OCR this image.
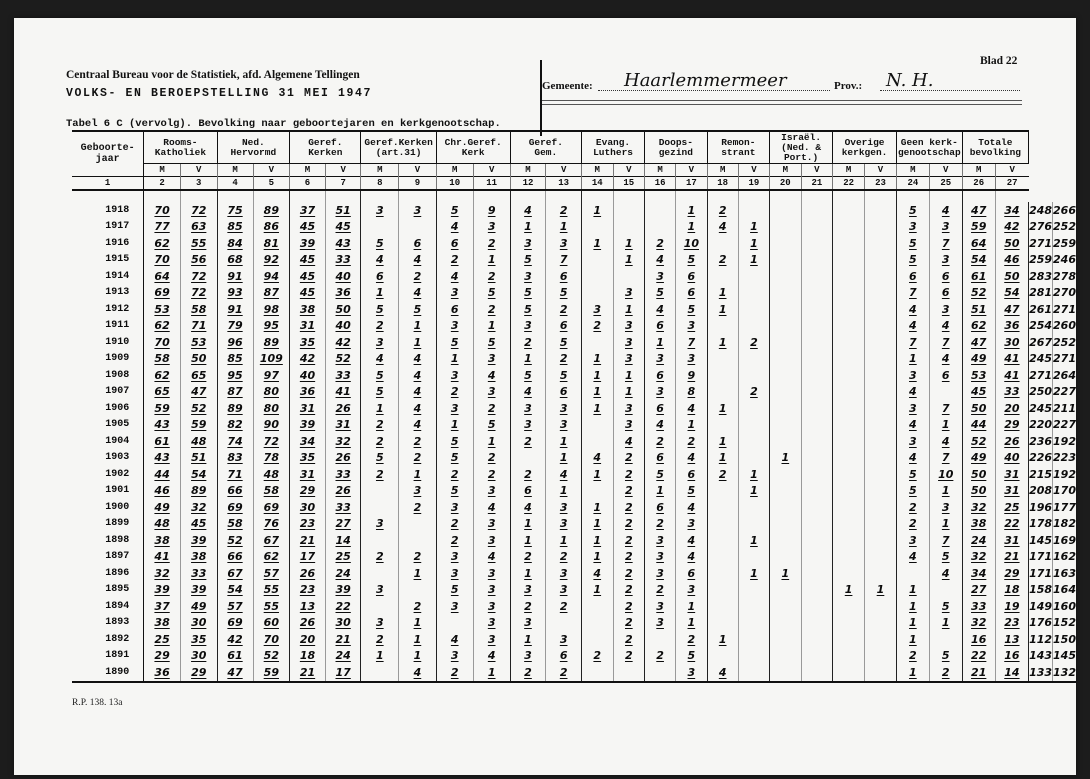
Centraal Bureau voor de Statistiek, afd. Algemene Tellingen
VOLKS- EN BEROEPSTELLING 31 MEI 1947
Blad 22
Gemeente: Haarlemmermeer	Prov.: N. H.
Tabel 6 C (vervolg). Bevolking naar geboortejaren en kerkgenootschap.
Geboorte-
jaar	Rooms-
Katholiek		Ned.
Hervormd		Geref.
Kerken		Geref.Kerken
(art.31)		Chr.Geref.
Kerk		Geref.
Gem.		Evang.
Luthers		Doops-
gezind		Remon-
strant		Israël.
(Ned. &
Port.)		Overige
kerkgen.		Geen kerk-
genootschap		Totale
bevolking			
	M	V	M	V	M	V	M	V	M	V	M	V	M	V	M	V	M	V	M	V	M	V	M	V	M	V		
1	2	3	4	5	6	7	8	9	10	11	12	13	14	15	16	17	18	19	20	21	22	23	24	25	26	27		

1918	70	72	75	89	37	51	3	3	5	9	4	2	1			1	2						5	4	47	34	248	266
1917	77	63	85	86	45	45			4	3	1	1				1	4	1					3	3	59	42	276	252
1916	62	55	84	81	39	43	5	6	6	2	3	3	1	1	2	10		1					5	7	64	50	271	259
1915	70	56	68	92	45	33	4	4	2	1	5	7		1	4	5	2	1					5	3	54	46	259	246
1914	64	72	91	94	45	40	6	2	4	2	3	6			3	6							6	6	61	50	283	278
1913	69	72	93	87	45	36	1	4	3	5	5	5		3	5	6	1						7	6	52	54	281	270
1912	53	58	91	98	38	50	5	5	6	2	5	2	3	1	4	5	1						4	3	51	47	261	271
1911	62	71	79	95	31	40	2	1	3	1	3	6	2	3	6	3							4	4	62	36	254	260
1910	70	53	96	89	35	42	3	1	5	5	2	5		3	1	7	1	2					7	7	47	30	267	252
1909	58	50	85	109	42	52	4	4	1	3	1	2	1	3	3	3							1	4	49	41	245	271
1908	62	65	95	97	40	33	5	4	3	4	5	5	1	1	6	9							3	6	53	41	271	264
1907	65	47	87	80	36	41	5	4	2	3	4	6	1	1	3	8		2					4		45	33	250	227
1906	59	52	89	80	31	26	1	4	3	2	3	3	1	3	6	4	1						3	7	50	20	245	211
1905	43	59	82	90	39	31	2	4	1	5	3	3		3	4	1							4	1	44	29	220	227
1904	61	48	74	72	34	32	2	2	5	1	2	1		4	2	2	1						3	4	52	26	236	192
1903	43	51	83	78	35	26	5	2	5	2		1	4	2	6	4	1		1				4	7	49	40	226	223
1902	44	54	71	48	31	33	2	1	2	2	2	4	1	2	5	6	2	1					5	10	50	31	215	192
1901	46	89	66	58	29	26		3	5	3	6	1		2	1	5		1					5	1	50	31	208	170
1900	49	32	69	69	30	33		2	3	4	4	3	1	2	6	4							2	3	32	25	196	177
1899	48	45	58	76	23	27	3		2	3	1	3	1	2	2	3							2	1	38	22	178	182
1898	38	39	52	67	21	14			2	3	1	1	1	2	3	4		1					3	7	24	31	145	169
1897	41	38	66	62	17	25	2	2	3	4	2	2	1	2	3	4							4	5	32	21	171	162
1896	32	33	67	57	26	24		1	3	3	1	3	4	2	3	6		1	1					4	34	29	171	163
1895	39	39	54	55	23	39	3		5	3	3	3	1	2	2	3					1	1	1		27	18	158	164
1894	37	49	57	55	13	22		2	3	3	2	2		2	3	1							1	5	33	19	149	160
1893	38	30	69	60	26	30	3	1		3	3			2	3	1							1	1	32	23	176	152
1892	25	35	42	70	20	21	2	1	4	3	1	3		2		2	1						1		16	13	112	150
1891	29	30	61	52	18	24	1	1	3	4	3	6	2	2	2	5							2	5	22	16	143	145
1890	36	29	47	59	21	17		4	2	1	2	2				3	4						1	2	21	14	133	132
R.P. 138. 13a
